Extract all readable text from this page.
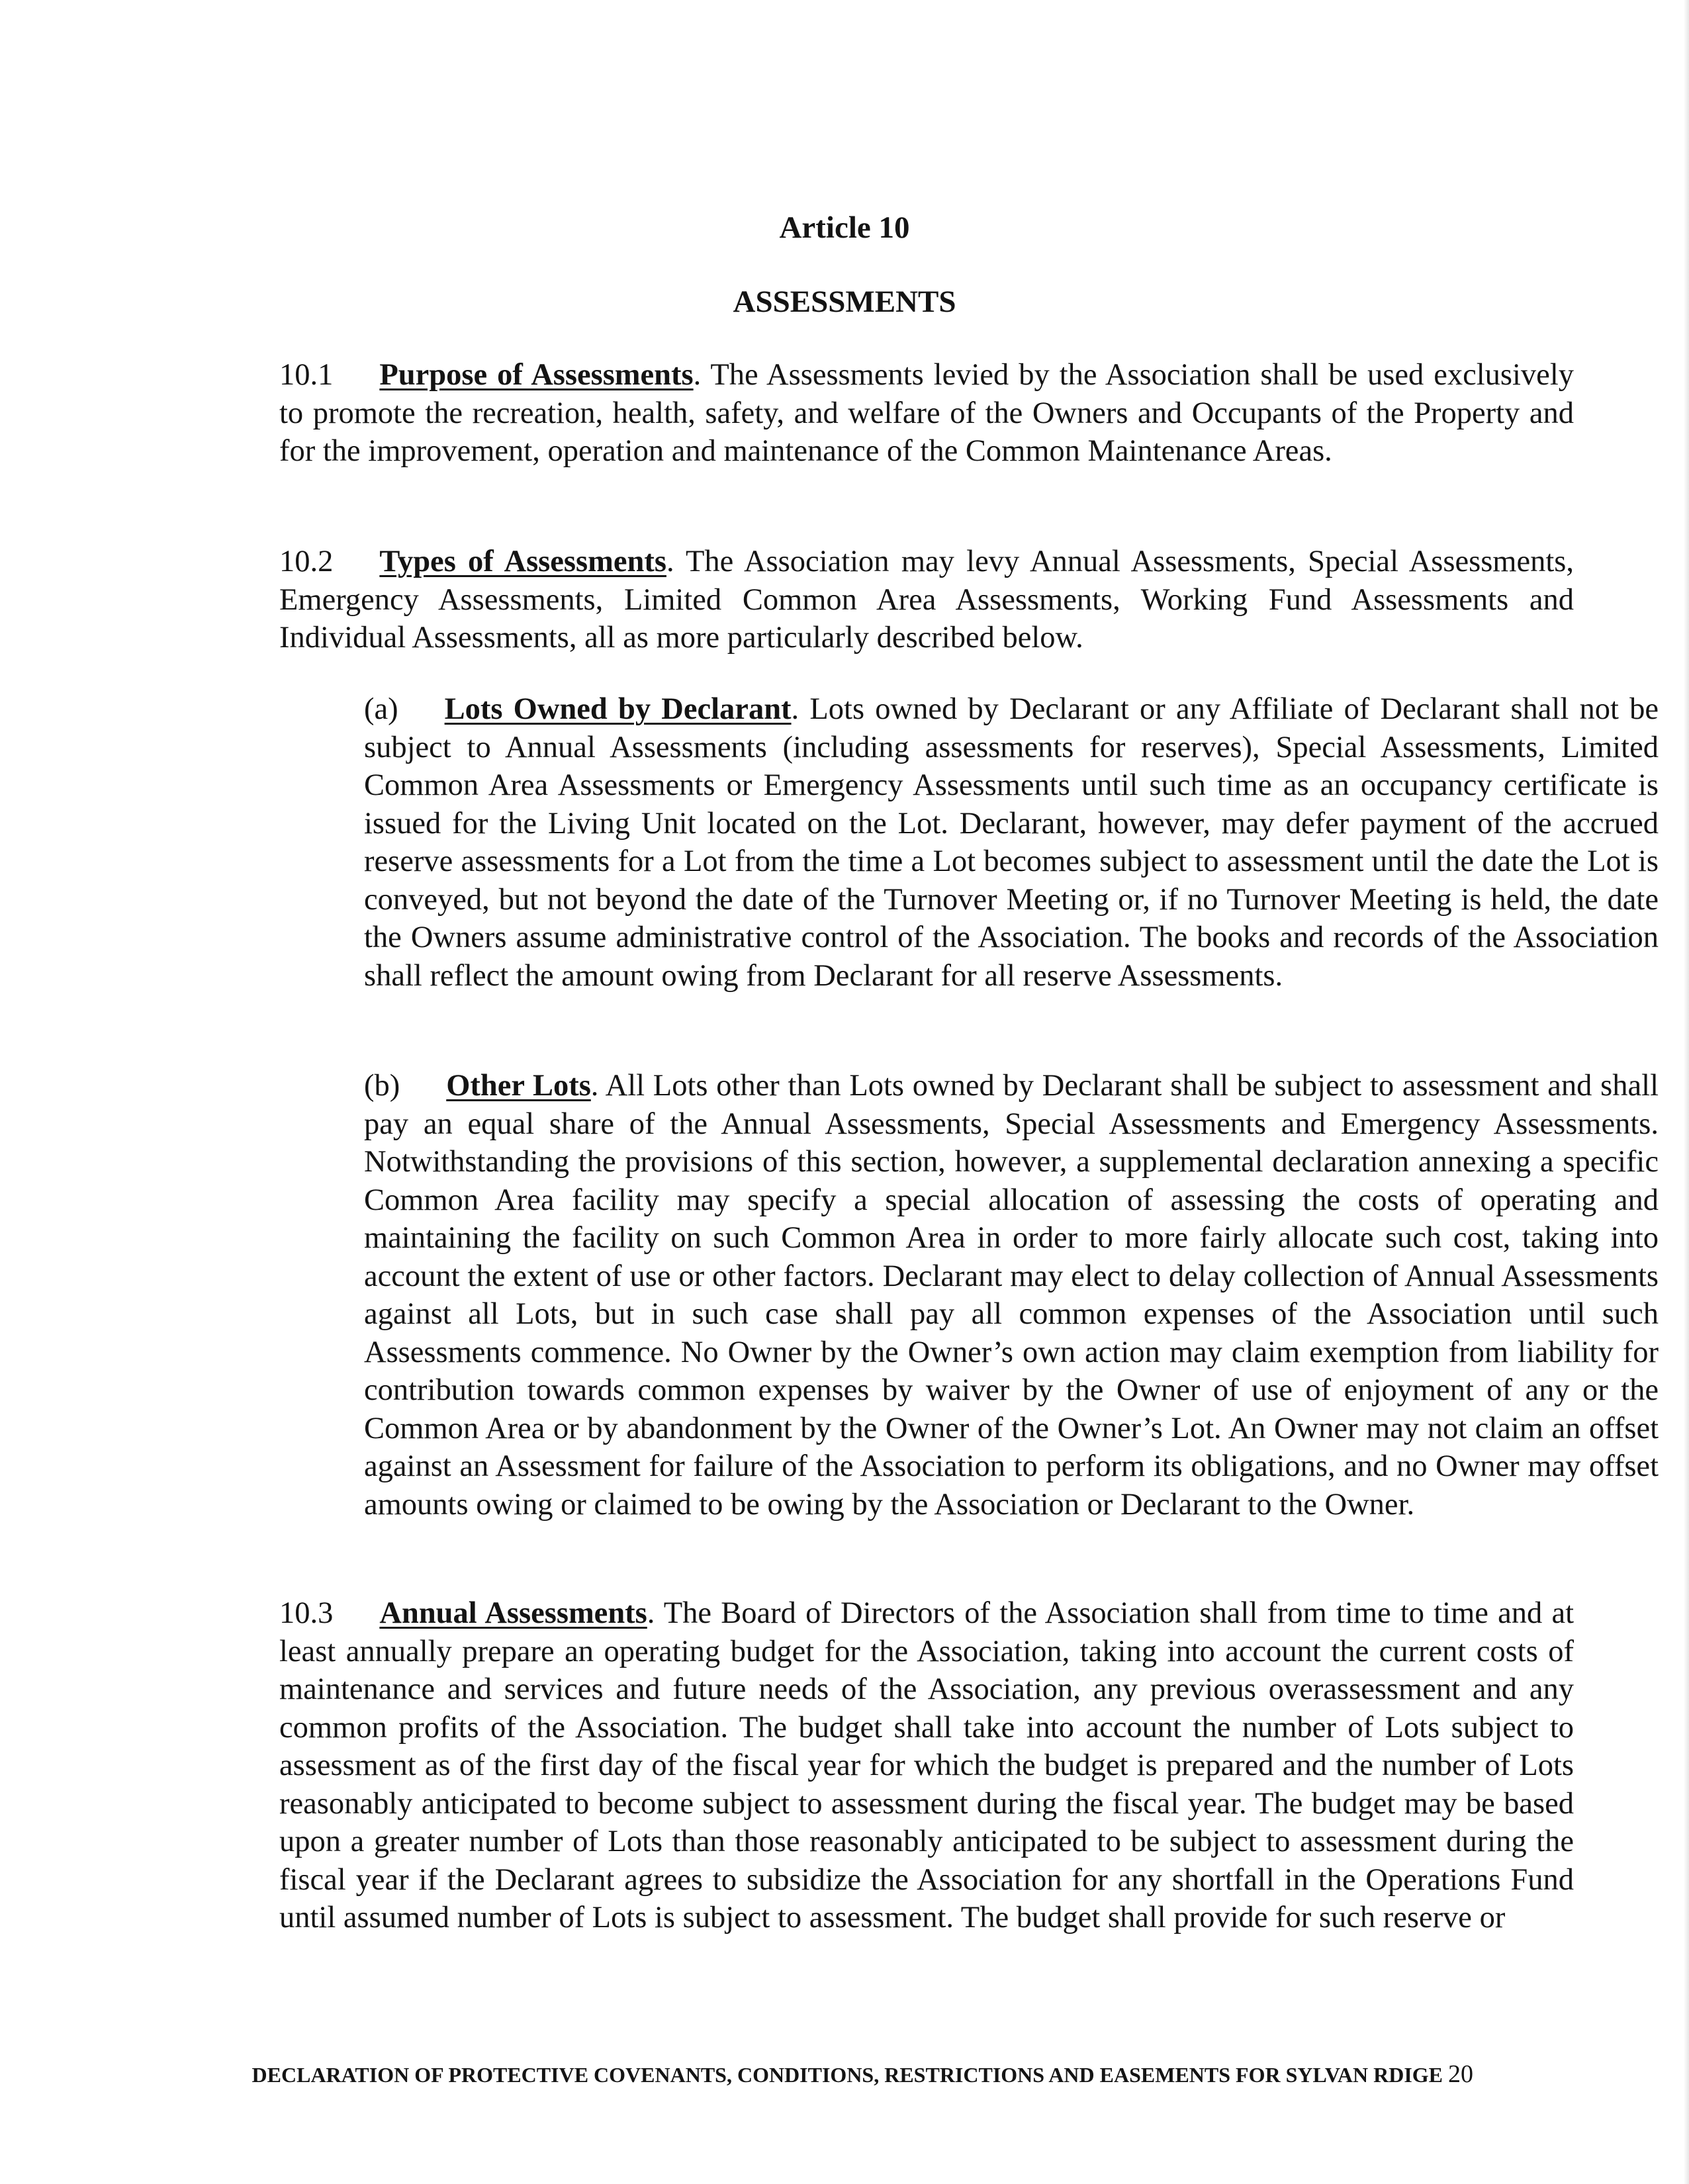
Article 10
ASSESSMENTS

10.1 Purpose of Assessments. The Assessments levied by the Association shall be used exclusively to promote the recreation, health, safety, and welfare of the Owners and Occupants of the Property and for the improvement, operation and maintenance of the Common Maintenance Areas.

10.2 Types of Assessments. The Association may levy Annual Assessments, Special Assessments, Emergency Assessments, Limited Common Area Assessments, Working Fund Assessments and Individual Assessments, all as more particularly described below.

(a) Lots Owned by Declarant. Lots owned by Declarant or any Affiliate of Declarant shall not be subject to Annual Assessments (including assessments for reserves), Special Assessments, Limited Common Area Assessments or Emergency Assessments until such time as an occupancy certificate is issued for the Living Unit located on the Lot. Declarant, however, may defer payment of the accrued reserve assessments for a Lot from the time a Lot becomes subject to assessment until the date the Lot is conveyed, but not beyond the date of the Turnover Meeting or, if no Turnover Meeting is held, the date the Owners assume administrative control of the Association. The books and records of the Association shall reflect the amount owing from Declarant for all reserve Assessments.

(b) Other Lots. All Lots other than Lots owned by Declarant shall be subject to assessment and shall pay an equal share of the Annual Assessments, Special Assessments and Emergency Assessments. Notwithstanding the provisions of this section, however, a supplemental declaration annexing a specific Common Area facility may specify a special allocation of assessing the costs of operating and maintaining the facility on such Common Area in order to more fairly allocate such cost, taking into account the extent of use or other factors. Declarant may elect to delay collection of Annual Assessments against all Lots, but in such case shall pay all common expenses of the Association until such Assessments commence. No Owner by the Owner’s own action may claim exemption from liability for contribution towards common expenses by waiver by the Owner of use of enjoyment of any or the Common Area or by abandonment by the Owner of the Owner’s Lot. An Owner may not claim an offset against an Assessment for failure of the Association to perform its obligations, and no Owner may offset amounts owing or claimed to be owing by the Association or Declarant to the Owner.

10.3 Annual Assessments. The Board of Directors of the Association shall from time to time and at least annually prepare an operating budget for the Association, taking into account the current costs of maintenance and services and future needs of the Association, any previous overassessment and any common profits of the Association. The budget shall take into account the number of Lots subject to assessment as of the first day of the fiscal year for which the budget is prepared and the number of Lots reasonably anticipated to become subject to assessment during the fiscal year. The budget may be based upon a greater number of Lots than those reasonably anticipated to be subject to assessment during the fiscal year if the Declarant agrees to subsidize the Association for any shortfall in the Operations Fund until assumed number of Lots is subject to assessment. The budget shall provide for such reserve or

DECLARATION OF PROTECTIVE COVENANTS, CONDITIONS, RESTRICTIONS AND EASEMENTS FOR SYLVAN RDIGE 20
